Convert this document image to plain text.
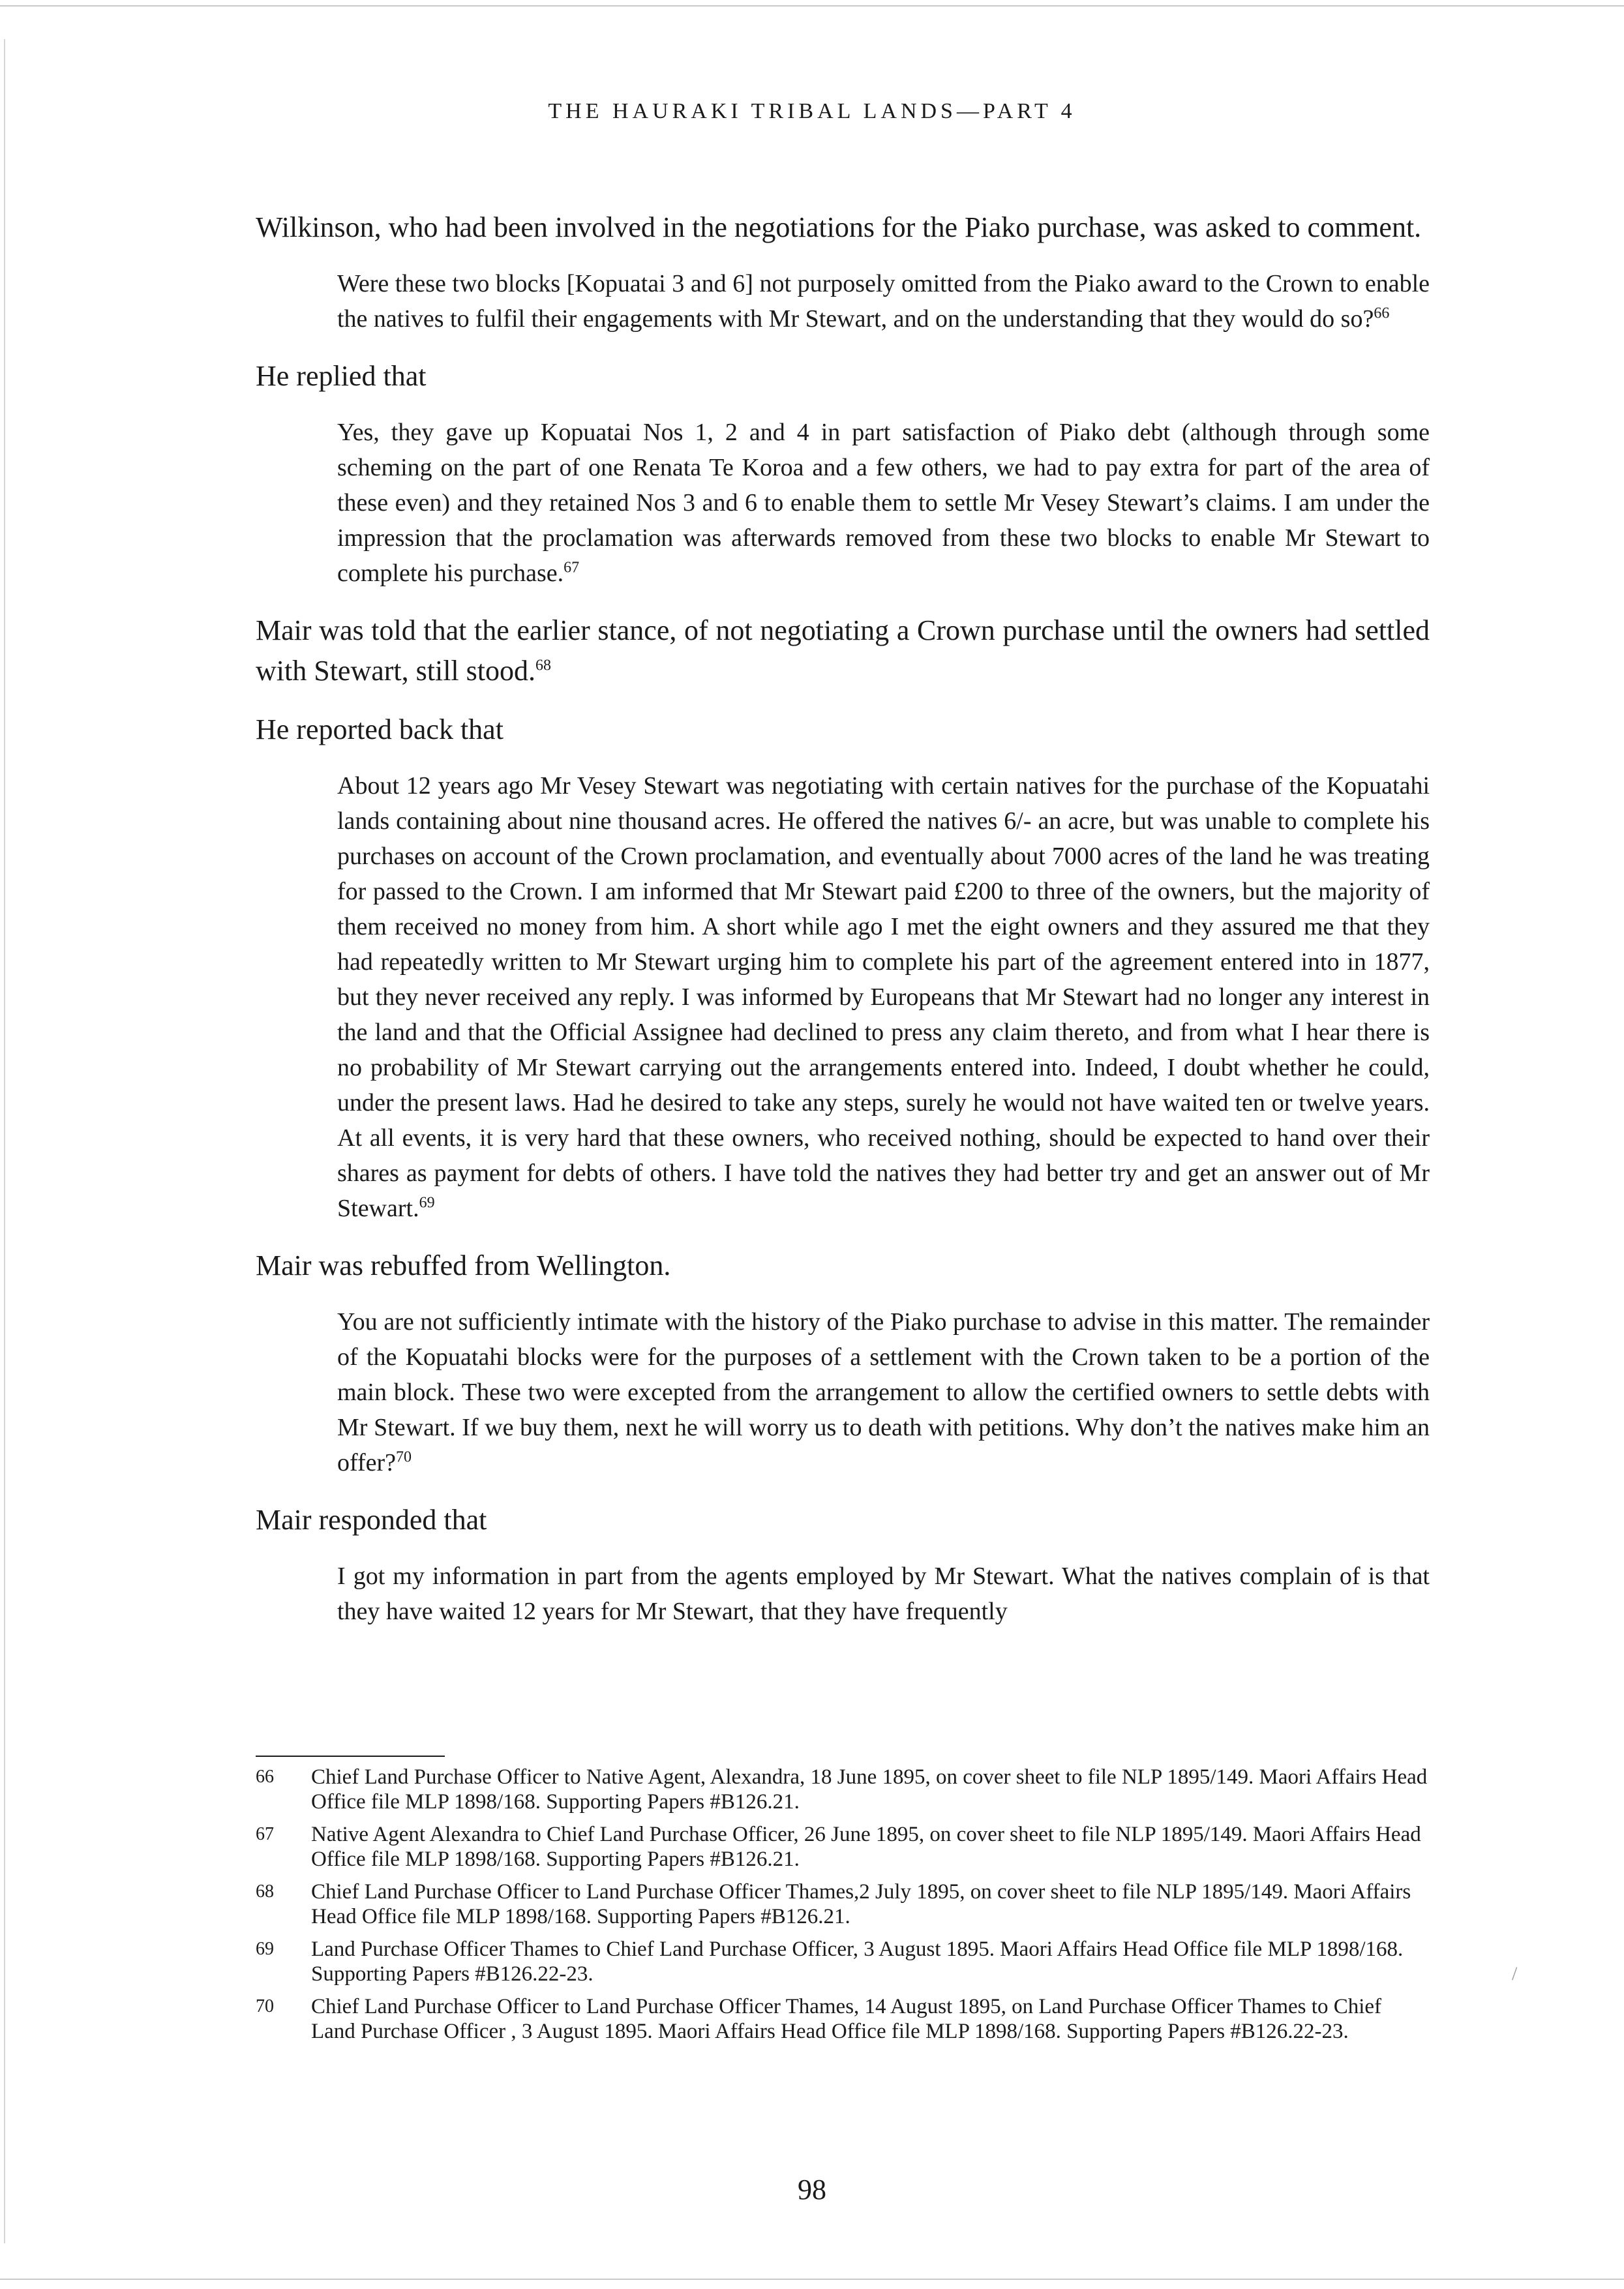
THE HAURAKI TRIBAL LANDS—PART 4

Wilkinson, who had been involved in the negotiations for the Piako purchase, was asked to comment.

Were these two blocks [Kopuatai 3 and 6] not purposely omitted from the Piako award to the Crown to enable the natives to fulfil their engagements with Mr Stewart, and on the understanding that they would do so?$^{66}$

He replied that

Yes, they gave up Kopuatai Nos 1, 2 and 4 in part satisfaction of Piako debt (although through some scheming on the part of one Renata Te Koroa and a few others, we had to pay extra for part of the area of these even) and they retained Nos 3 and 6 to enable them to settle Mr Vesey Stewart’s claims. I am under the impression that the proclamation was afterwards removed from these two blocks to enable Mr Stewart to complete his purchase.$^{67}$

Mair was told that the earlier stance, of not negotiating a Crown purchase until the owners had settled with Stewart, still stood.$^{68}$

He reported back that

About 12 years ago Mr Vesey Stewart was negotiating with certain natives for the purchase of the Kopuatahi lands containing about nine thousand acres. He offered the natives 6/- an acre, but was unable to complete his purchases on account of the Crown proclamation, and eventually about 7000 acres of the land he was treating for passed to the Crown. I am informed that Mr Stewart paid £200 to three of the owners, but the majority of them received no money from him. A short while ago I met the eight owners and they assured me that they had repeatedly written to Mr Stewart urging him to complete his part of the agreement entered into in 1877, but they never received any reply. I was informed by Europeans that Mr Stewart had no longer any interest in the land and that the Official Assignee had declined to press any claim thereto, and from what I hear there is no probability of Mr Stewart carrying out the arrangements entered into. Indeed, I doubt whether he could, under the present laws. Had he desired to take any steps, surely he would not have waited ten or twelve years. At all events, it is very hard that these owners, who received nothing, should be expected to hand over their shares as payment for debts of others. I have told the natives they had better try and get an answer out of Mr Stewart.$^{69}$

Mair was rebuffed from Wellington.

You are not sufficiently intimate with the history of the Piako purchase to advise in this matter. The remainder of the Kopuatahi blocks were for the purposes of a settlement with the Crown taken to be a portion of the main block. These two were excepted from the arrangement to allow the certified owners to settle debts with Mr Stewart. If we buy them, next he will worry us to death with petitions. Why don’t the natives make him an offer?$^{70}$

Mair responded that

I got my information in part from the agents employed by Mr Stewart. What the natives complain of is that they have waited 12 years for Mr Stewart, that they have frequently

66	Chief Land Purchase Officer to Native Agent, Alexandra, 18 June 1895, on cover sheet to file NLP 1895/149. Maori Affairs Head Office file MLP 1898/168. Supporting Papers #B126.21.
67	Native Agent Alexandra to Chief Land Purchase Officer, 26 June 1895, on cover sheet to file NLP 1895/149. Maori Affairs Head Office file MLP 1898/168. Supporting Papers #B126.21.
68	Chief Land Purchase Officer to Land Purchase Officer Thames,2 July 1895, on cover sheet to file NLP 1895/149. Maori Affairs Head Office file MLP 1898/168. Supporting Papers #B126.21.
69	Land Purchase Officer Thames to Chief Land Purchase Officer, 3 August 1895. Maori Affairs Head Office file MLP 1898/168. Supporting Papers #B126.22-23.
70	Chief Land Purchase Officer to Land Purchase Officer Thames, 14 August 1895, on Land Purchase Officer Thames to Chief Land Purchase Officer , 3 August 1895. Maori Affairs Head Office file MLP 1898/168. Supporting Papers #B126.22-23.
/
98
